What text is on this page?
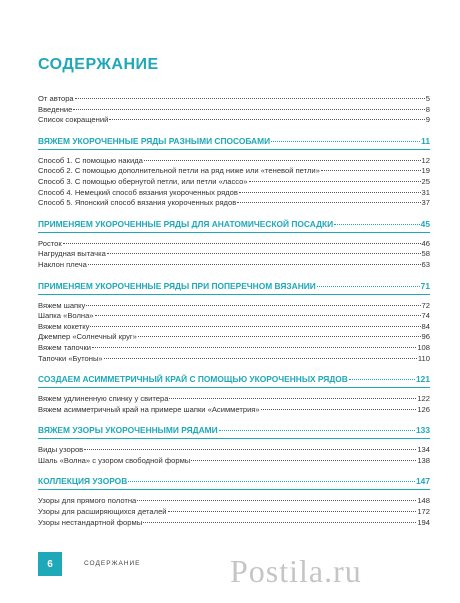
СОДЕРЖАНИЕ
От автора	5
Введение	8
Список сокращений	9
ВЯЖЕМ УКОРОЧЕННЫЕ РЯДЫ РАЗНЫМИ СПОСОБАМИ	11
Способ 1. С помощью накида	12
Способ 2. С помощью дополнительной петли на ряд ниже или «теневой петли»	19
Способ 3. С помощью обернутой петли, или петли «лассо»	25
Способ 4. Немецкий способ вязания укороченных рядов	31
Способ 5. Японский способ вязания укороченных рядов	37
ПРИМЕНЯЕМ УКОРОЧЕННЫЕ РЯДЫ ДЛЯ АНАТОМИЧЕСКОЙ ПОСАДКИ	45
Росток	46
Нагрудная вытачка	58
Наклон плеча	63
ПРИМЕНЯЕМ УКОРОЧЕННЫЕ РЯДЫ ПРИ ПОПЕРЕЧНОМ ВЯЗАНИИ	71
Вяжем шапку	72
Шапка «Волна»	74
Вяжем кокетку	84
Джемпер «Солнечный круг»	96
Вяжем тапочки	108
Тапочки «Бутоны»	110
СОЗДАЕМ АСИММЕТРИЧНЫЙ КРАЙ С ПОМОЩЬЮ УКОРОЧЕННЫХ РЯДОВ	121
Вяжем удлиненную спинку у свитера	122
Вяжем асимметричный край на примере шапки «Асимметрия»	126
ВЯЖЕМ УЗОРЫ УКОРОЧЕННЫМИ РЯДАМИ	133
Виды узоров	134
Шаль «Волна» с узором свободной формы	138
КОЛЛЕКЦИЯ УЗОРОВ	147
Узоры для прямого полотна	148
Узоры для расширяющихся деталей	172
Узоры нестандартной формы	194
6	СОДЕРЖАНИЕ	Postila.ru
